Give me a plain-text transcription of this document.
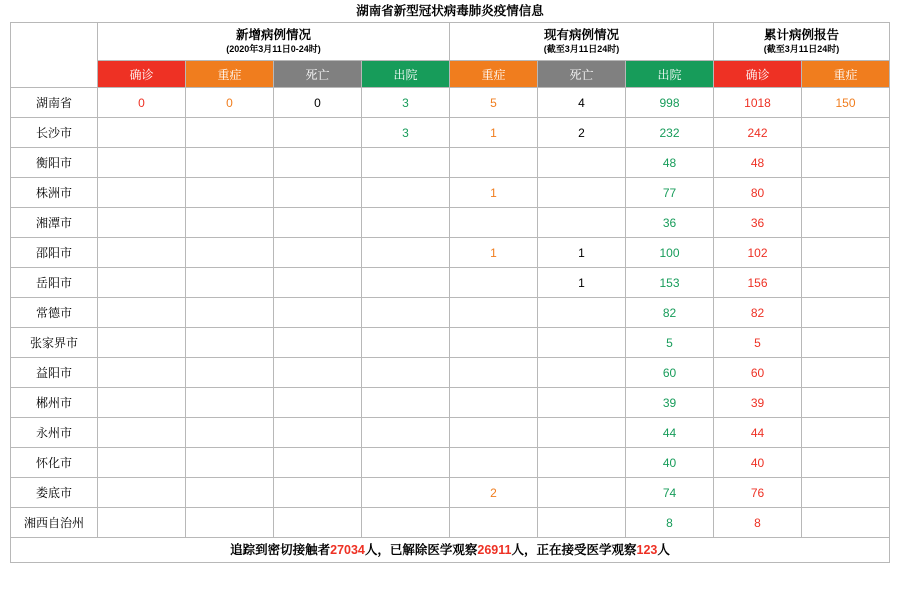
湖南省新型冠状病毒肺炎疫情信息

	新增病例情况
(2020年3月11日0-24时)				现有病例情况
(截至3月11日24时)			累计病例报告
(截至3月11日24时)	

	确诊	重症	死亡	出院	重症	死亡	出院	确诊	重症
湖南省	0	0	0	3	5	4	998	1018	150
长沙市				3	1	2	232	242	
衡阳市							48	48	
株洲市					1		77	80	
湘潭市							36	36	
邵阳市					1	1	100	102	
岳阳市						1	153	156	
常德市							82	82	
张家界市							5	5	
益阳市							60	60	
郴州市							39	39	
永州市							44	44	
怀化市							40	40	
娄底市					2		74	76	
湘西自治州							8	8	
追踪到密切接触者27034人，已解除医学观察26911人，正在接受医学观察123人
